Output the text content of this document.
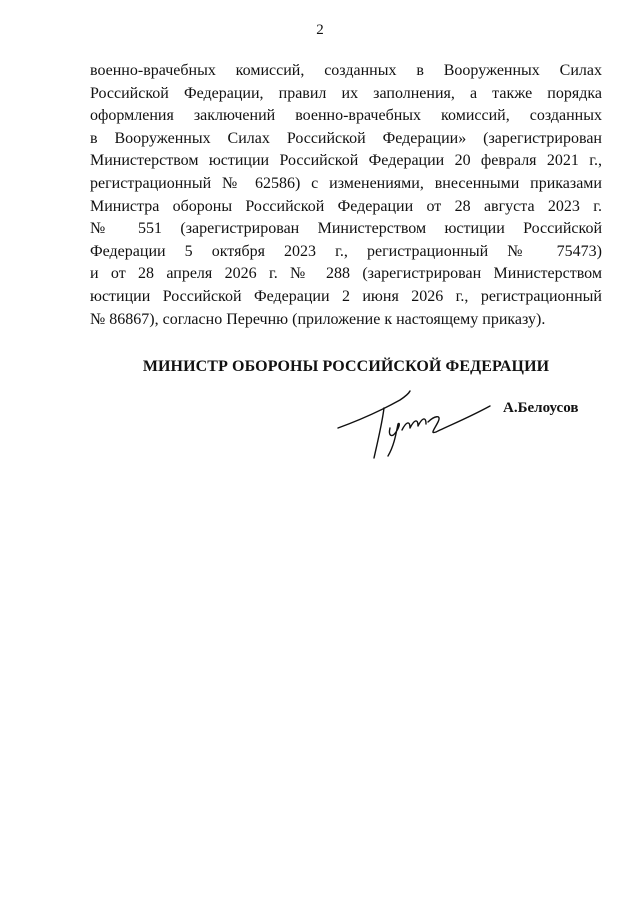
2
военно-врачебных комиссий, созданных в Вооруженных Силах
Российской Федерации, правил их заполнения, а также порядка
оформления заключений военно-врачебных комиссий, созданных
в Вооруженных Силах Российской Федерации» (зарегистрирован
Министерством юстиции Российской Федерации 20 февраля 2021 г.,
регистрационный № 62586) с изменениями, внесенными приказами
Министра обороны Российской Федерации от 28 августа 2023 г.
№ 551 (зарегистрирован Министерством юстиции Российской
Федерации 5 октября 2023 г., регистрационный № 75473)
и от 28 апреля 2026 г. № 288 (зарегистрирован Министерством
юстиции Российской Федерации 2 июня 2026 г., регистрационный
№ 86867), согласно Перечню (приложение к настоящему приказу).
МИНИСТР ОБОРОНЫ РОССИЙСКОЙ ФЕДЕРАЦИИ
А.Белоусов
